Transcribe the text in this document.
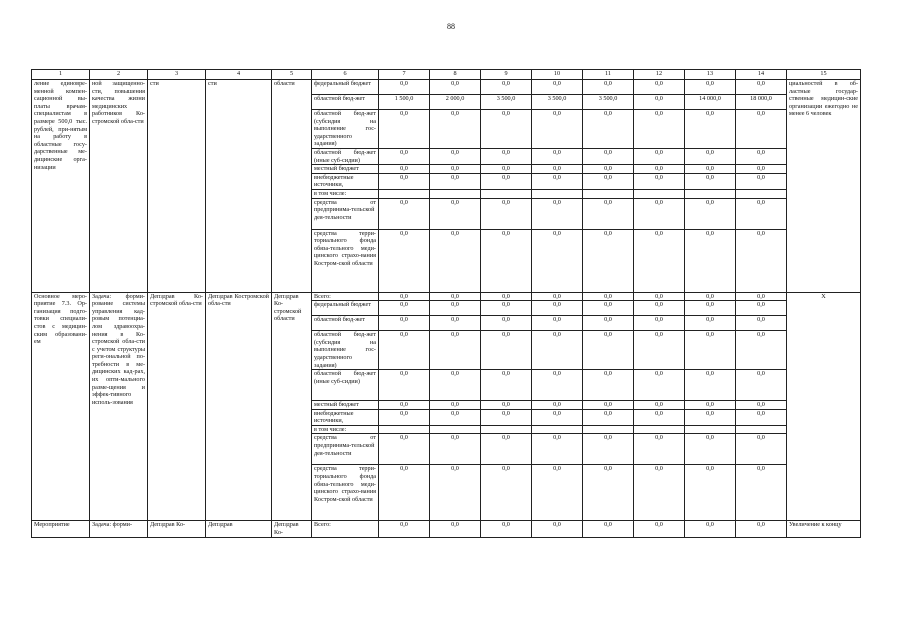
88
1	2	3	4	5	6	7	8	9	10	11	12	13	14	15
ление единовре-менной компен-сационной вы-платы врачам-специалистам в размере 500,0 тыс. рублей, при-нятым на работу в областные госу-дарственные ме-дицинские орга-низации	ной защищенно-сти, повышения качества жизни медицинских работников Ко-стромской обла-сти	сти	сти	области	федеральный бюджет	0,0	0,0	0,0	0,0	0,0	0,0	0,0	0,0	циальностей в об-ластные государ-ственные медицин-ские организации ежегодно не менее 6 человек
					областной бюд-жет	1 500,0	2 000,0	3 500,0	3 500,0	3 500,0	0,0	14 000,0	18 000,0	
					областной бюд-жет (субсидия на выполнение гос-ударственного задания)	0,0	0,0	0,0	0,0	0,0	0,0	0,0	0,0	
					областной бюд-жет (иные суб-сидии)	0,0	0,0	0,0	0,0	0,0	0,0	0,0	0,0	
					местный бюджет	0,0	0,0	0,0	0,0	0,0	0,0	0,0	0,0	
					внебюджетные источники,	0,0	0,0	0,0	0,0	0,0	0,0	0,0	0,0	
					в том числе:									
					средства от предпринима-тельской дея-тельности	0,0	0,0	0,0	0,0	0,0	0,0	0,0	0,0	
					средства терри-ториального фонда обяза-тельного меди-цинского страхо-вания Костром-ской области	0,0	0,0	0,0	0,0	0,0	0,0	0,0	0,0	
Основное меро-приятие 7.3. Ор-ганизация подго-товки специали-стов с медицин-ским образовани-ем	Задача: форми-рование системы управления кад-ровым потенциа-лом здравоохра-нения в Ко-стромской обла-сти с учетом структуры реги-ональной по-требности в ме-дицинских кад-рах, их опти-мального разме-щения и эффек-тивного исполь-зования	Депздрав Ко-стромской обла-сти	Депздрав Костромской обла-сти	Депздрав Ко-стромской области	Всего:	0,0	0,0	0,0	0,0	0,0	0,0	0,0	0,0	X
					федеральный бюджет	0,0	0,0	0,0	0,0	0,0	0,0	0,0	0,0	
					областной бюд-жет	0,0	0,0	0,0	0,0	0,0	0,0	0,0	0,0	
					областной бюд-жет (субсидия на выполнение гос-ударственного задания)	0,0	0,0	0,0	0,0	0,0	0,0	0,0	0,0	
					областной бюд-жет (иные суб-сидии)	0,0	0,0	0,0	0,0	0,0	0,0	0,0	0,0	
					местный бюджет	0,0	0,0	0,0	0,0	0,0	0,0	0,0	0,0	
					внебюджетные источники,	0,0	0,0	0,0	0,0	0,0	0,0	0,0	0,0	
					в том числе:									
					средства от предпринима-тельской дея-тельности	0,0	0,0	0,0	0,0	0,0	0,0	0,0	0,0	
					средства терри-ториального фонда обяза-тельного меди-цинского страхо-вания Костром-ской области	0,0	0,0	0,0	0,0	0,0	0,0	0,0	0,0	
Мероприятие	Задача: форми-	Депздрав Ко-	Депздрав	Депздрав Ко-	Всего:	0,0	0,0	0,0	0,0	0,0	0,0	0,0	0,0	Увеличение к концу
